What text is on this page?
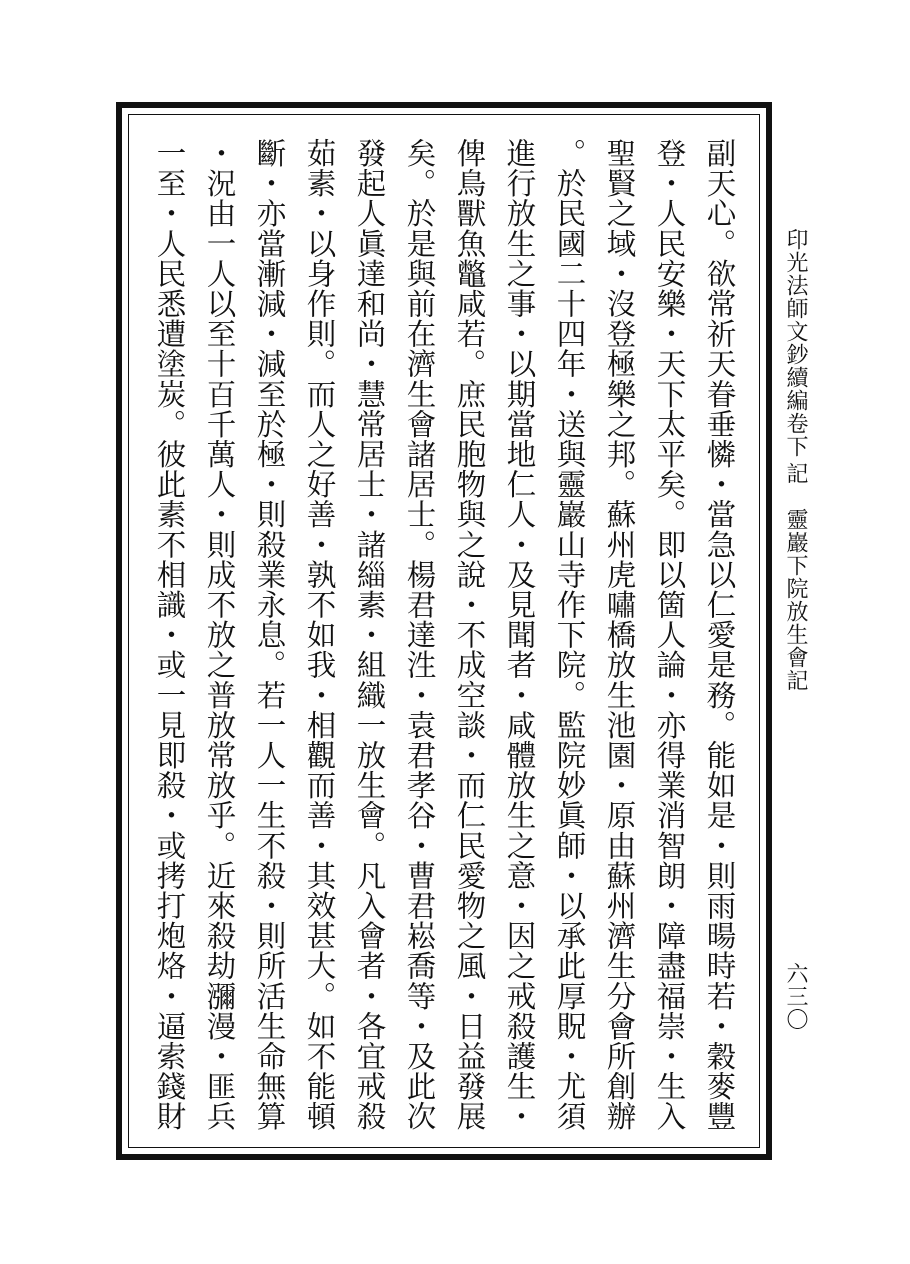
印光法師文鈔續編卷下
記
靈巖下院放生會記
六三〇
副天心。欲常祈天眷垂憐・當急以仁愛是務。能如是・則雨暘時若・穀麥豐
登・人民安樂・天下太平矣。即以箇人論・亦得業消智朗・障盡福崇・生入
聖賢之域・沒登極樂之邦。蘇州虎嘯橋放生池園・原由蘇州濟生分會所創辦
。於民國二十四年・送與靈巖山寺作下院。監院妙眞師・以承此厚貺・尤須
進行放生之事・以期當地仁人・及見聞者・咸體放生之意・因之戒殺護生・
俾鳥獸魚鼈咸若。庶民胞物與之說・不成空談・而仁民愛物之風・日益發展
矣。於是與前在濟生會諸居士。楊君達泩・袁君孝谷・曹君崧喬等・及此次
發起人眞達和尚・慧常居士・諸緇素・組織一放生會。凡入會者・各宜戒殺
茹素・以身作則。而人之好善・孰不如我・相觀而善・其效甚大。如不能頓
斷・亦當漸減・減至於極・則殺業永息。若一人一生不殺・則所活生命無算
・況由一人以至十百千萬人・則成不放之普放常放乎。近來殺劫瀰漫・匪兵
一至・人民悉遭塗炭。彼此素不相識・或一見即殺・或拷打炮烙・逼索錢財
